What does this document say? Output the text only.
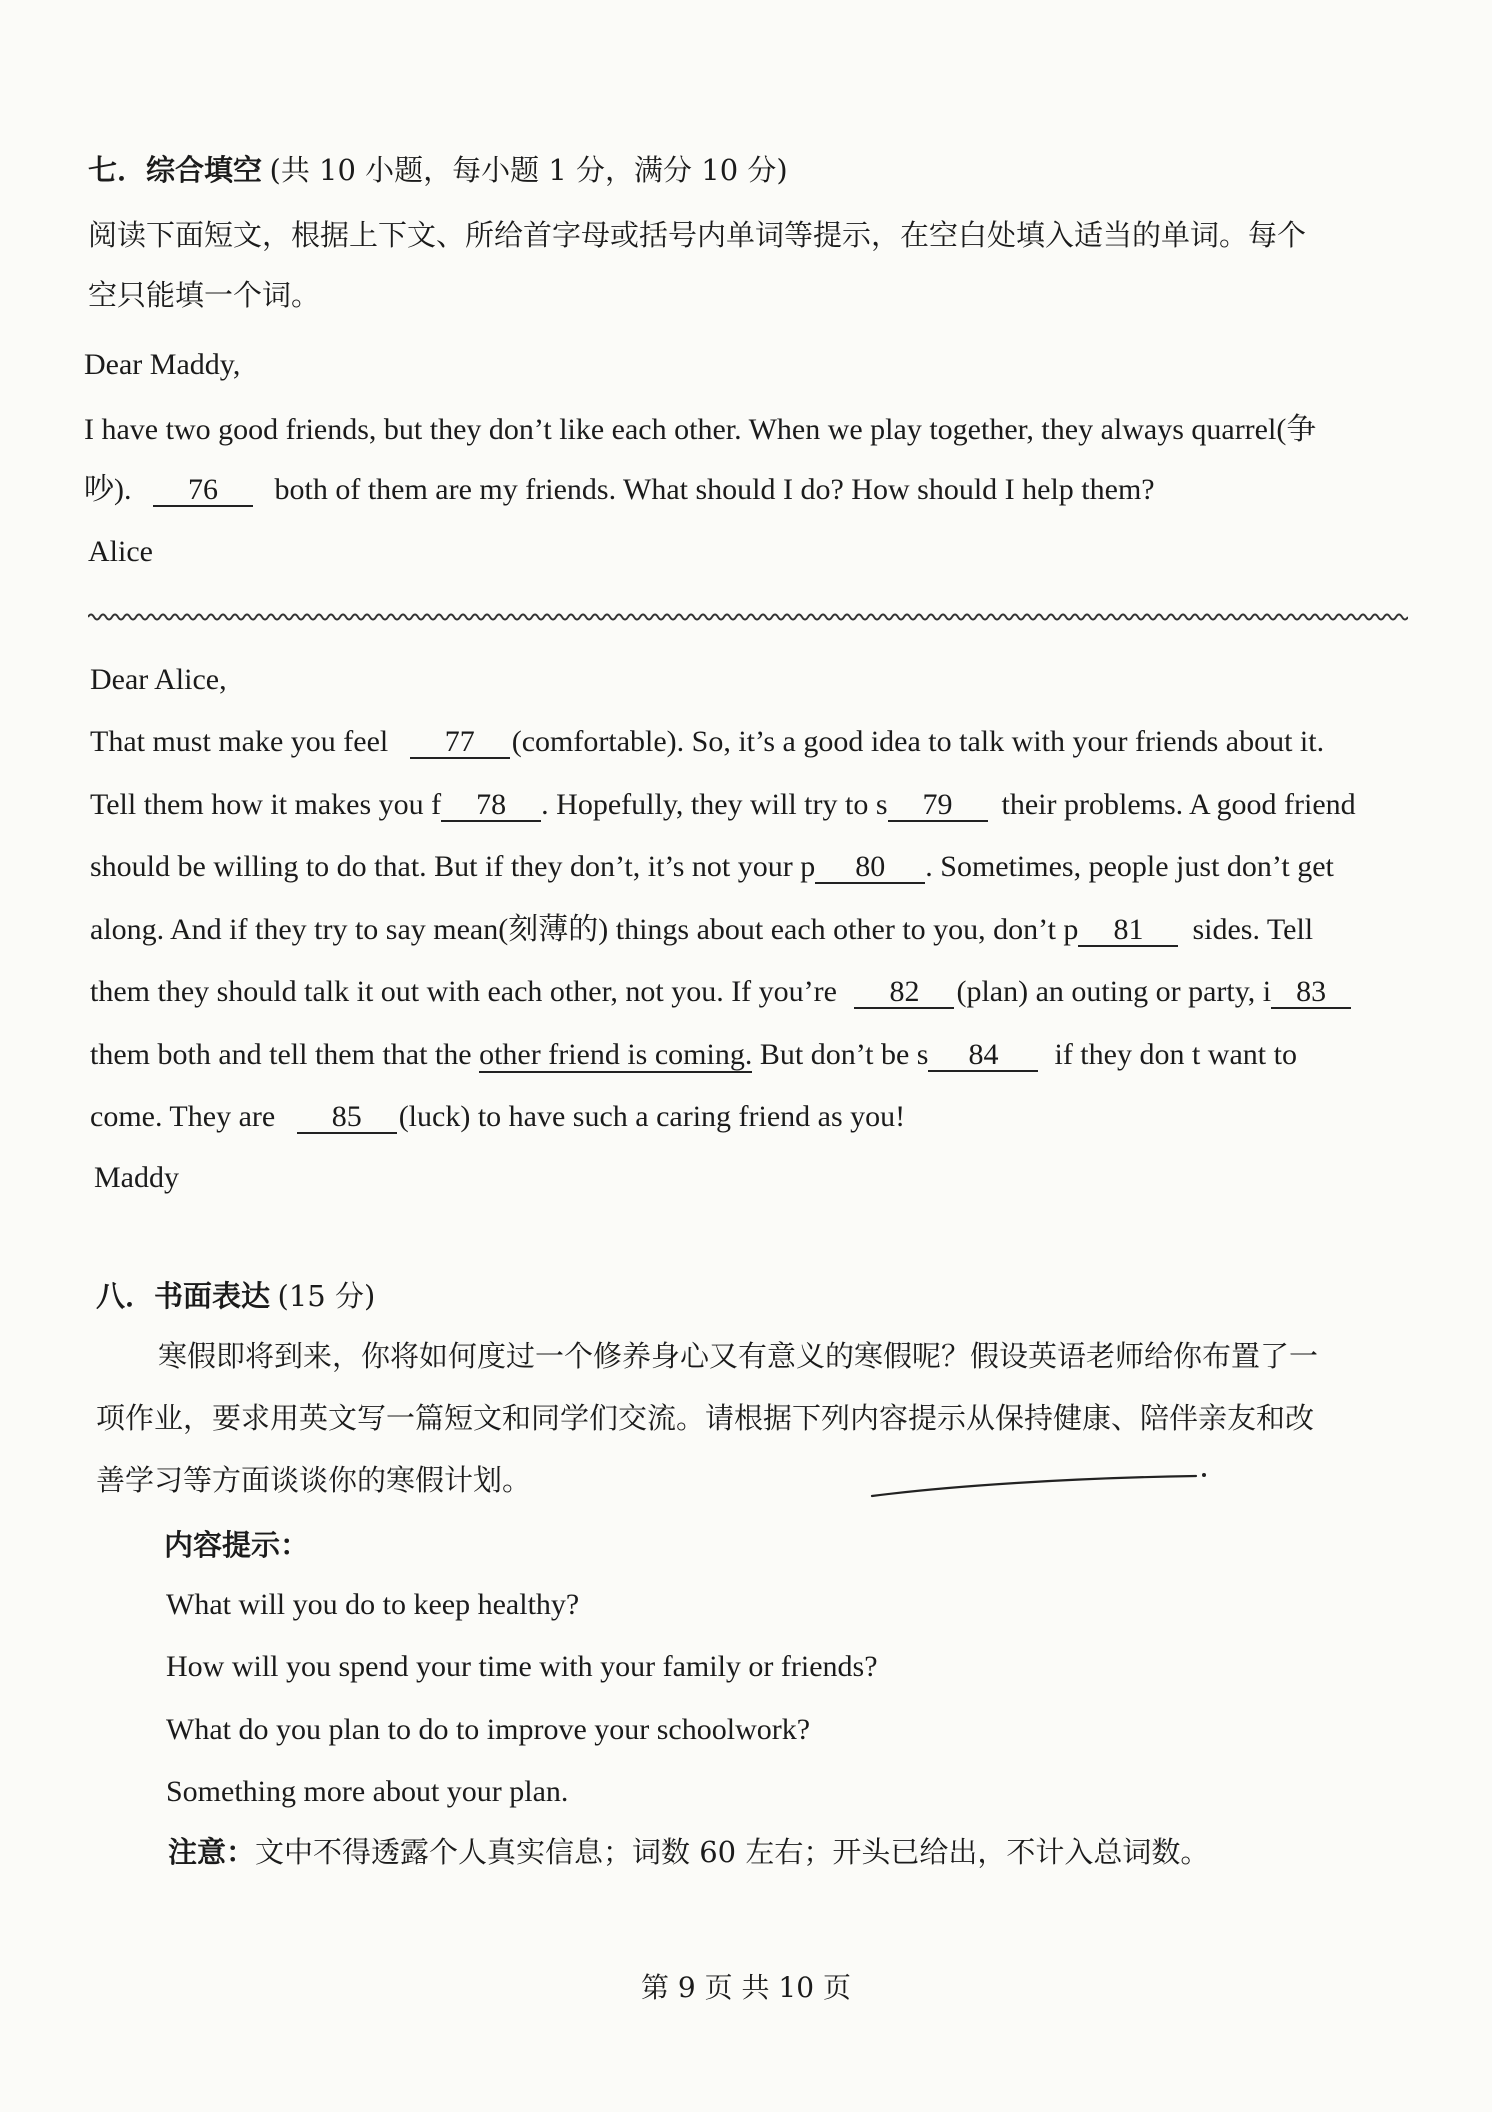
七．综合填空 (共 10 小题，每小题 1 分，满分 10 分)
阅读下面短文，根据上下文、所给首字母或括号内单词等提示，在空白处填入适当的单词。每个
空只能填一个词。
Dear Maddy,
I have two good friends, but they don’t like each other. When we play together, they always quarrel(争
吵). 76 both of them are my friends. What should I do? How should I help them?
Alice
Dear Alice,
That must make you feel 77 (comfortable). So, it’s a good idea to talk with your friends about it.
Tell them how it makes you f 78 . Hopefully, they will try to s 79 their problems. A good friend
should be willing to do that. But if they don’t, it’s not your p 80 . Sometimes, people just don’t get
along. And if they try to say mean(刻薄的) things about each other to you, don’t p 81 sides. Tell
them they should talk it out with each other, not you. If you’re 82 (plan) an outing or party, i 83
them both and tell them that the other friend is coming. But don’t be s 84 if they don t want to
come. They are 85 (luck) to have such a caring friend as you!
Maddy
八．书面表达 (15 分)
寒假即将到来，你将如何度过一个修养身心又有意义的寒假呢？假设英语老师给你布置了一
项作业，要求用英文写一篇短文和同学们交流。请根据下列内容提示从保持健康、陪伴亲友和改
善学习等方面谈谈你的寒假计划。
内容提示：
What will you do to keep healthy?
How will you spend your time with your family or friends?
What do you plan to do to improve your schoolwork?
Something more about your plan.
注意：文中不得透露个人真实信息；词数 60 左右；开头已给出，不计入总词数。
第 9 页 共 10 页
